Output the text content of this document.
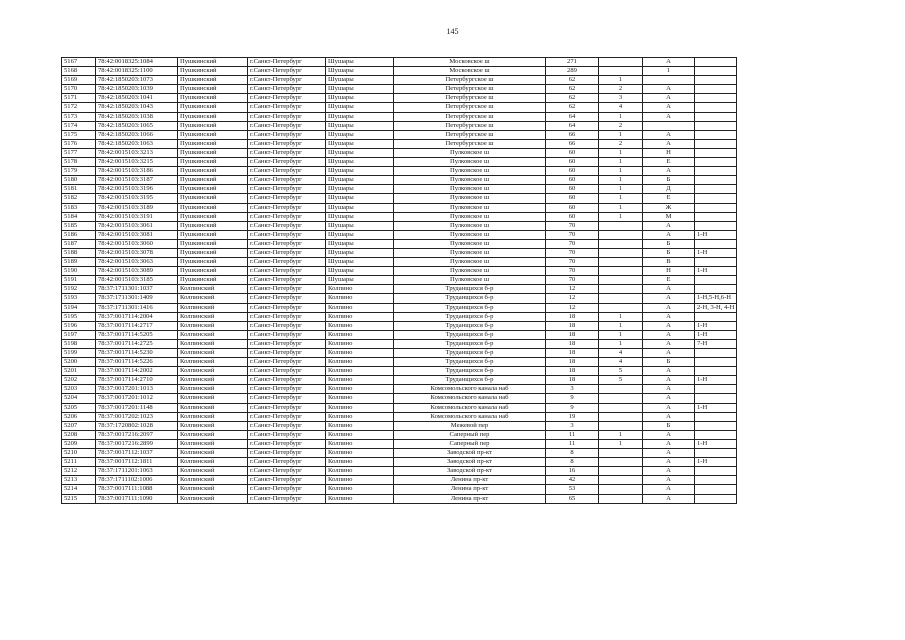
145
5167	78:42:0018325:1084	Пушкинский	г.Санкт-Петербург	Шушары	Московское ш	271		А	
5168	78:42:0018325:1100	Пушкинский	г.Санкт-Петербург	Шушары	Московское ш	289		1	
5169	78:42:1850203:1073	Пушкинский	г.Санкт-Петербург	Шушары	Петербургское ш	62	1		
5170	78:42:1850203:1039	Пушкинский	г.Санкт-Петербург	Шушары	Петербургское ш	62	2	А	
5171	78:42:1850203:1041	Пушкинский	г.Санкт-Петербург	Шушары	Петербургское ш	62	3	А	
5172	78:42:1850203:1043	Пушкинский	г.Санкт-Петербург	Шушары	Петербургское ш	62	4	А	
5173	78:42:1850203:1038	Пушкинский	г.Санкт-Петербург	Шушары	Петербургское ш	64	1	А	
5174	78:42:1850203:1065	Пушкинский	г.Санкт-Петербург	Шушары	Петербургское ш	64	2		
5175	78:42:1850203:1066	Пушкинский	г.Санкт-Петербург	Шушары	Петербургское ш	66	1	А	
5176	78:42:1850203:1063	Пушкинский	г.Санкт-Петербург	Шушары	Петербургское ш	66	2	А	
5177	78:42:0015103:3213	Пушкинский	г.Санкт-Петербург	Шушары	Пулковское ш	60	1	Н	
5178	78:42:0015103:3215	Пушкинский	г.Санкт-Петербург	Шушары	Пулковское ш	60	1	Е	
5179	78:42:0015103:3186	Пушкинский	г.Санкт-Петербург	Шушары	Пулковское ш	60	1	А	
5180	78:42:0015103:3187	Пушкинский	г.Санкт-Петербург	Шушары	Пулковское ш	60	1	Б	
5181	78:42:0015103:3196	Пушкинский	г.Санкт-Петербург	Шушары	Пулковское ш	60	1	Д	
5182	78:42:0015103:3195	Пушкинский	г.Санкт-Петербург	Шушары	Пулковское ш	60	1	Е	
5183	78:42:0015103:3189	Пушкинский	г.Санкт-Петербург	Шушары	Пулковское ш	60	1	Ж	
5184	78:42:0015103:3191	Пушкинский	г.Санкт-Петербург	Шушары	Пулковское ш	60	1	М	
5185	78:42:0015103:3061	Пушкинский	г.Санкт-Петербург	Шушары	Пулковское ш	70		А	
5186	78:42:0015103:3081	Пушкинский	г.Санкт-Петербург	Шушары	Пулковское ш	70		А	1-Н
5187	78:42:0015103:3060	Пушкинский	г.Санкт-Петербург	Шушары	Пулковское ш	70		Б	
5188	78:42:0015103:3078	Пушкинский	г.Санкт-Петербург	Шушары	Пулковское ш	70		Б	1-Н
5189	78:42:0015103:3063	Пушкинский	г.Санкт-Петербург	Шушары	Пулковское ш	70		В	
5190	78:42:0015103:3089	Пушкинский	г.Санкт-Петербург	Шушары	Пулковское ш	70		Н	1-Н
5191	78:42:0015103:3185	Пушкинский	г.Санкт-Петербург	Шушары	Пулковское ш	70		Е	
5192	78:37:1711301:1037	Колпинский	г.Санкт-Петербург	Колпино	Труданщихся б-р	12		А	
5193	78:37:1711301:1409	Колпинский	г.Санкт-Петербург	Колпино	Труданщихся б-р	12		А	1-Н,5-Н,6-Н
5194	78:37:1711301:1416	Колпинский	г.Санкт-Петербург	Колпино	Труданщихся б-р	12		А	2-Н, 3-Н, 4-Н
5195	78:37:0017114:2004	Колпинский	г.Санкт-Петербург	Колпино	Труданщихся б-р	18	1	А	
5196	78:37:0017114:2717	Колпинский	г.Санкт-Петербург	Колпино	Труданщихся б-р	18	1	А	1-Н
5197	78:37:0017114:5205	Колпинский	г.Санкт-Петербург	Колпино	Труданщихся б-р	18	1	А	1-Н
5198	78:37:0017114:2725	Колпинский	г.Санкт-Петербург	Колпино	Труданщихся б-р	18	1	А	7-Н
5199	78:37:0017114:5230	Колпинский	г.Санкт-Петербург	Колпино	Труданщихся б-р	18	4	А	
5200	78:37:0017114:5226	Колпинский	г.Санкт-Петербург	Колпино	Труданщихся б-р	18	4	Б	
5201	78:37:0017114:2002	Колпинский	г.Санкт-Петербург	Колпино	Труданщихся б-р	18	5	А	
5202	78:37:0017114:2710	Колпинский	г.Санкт-Петербург	Колпино	Труданщихся б-р	18	5	А	1-Н
5203	78:37:0017201:1013	Колпинский	г.Санкт-Петербург	Колпино	Комсомольского канала наб	3		А	
5204	78:37:0017201:1012	Колпинский	г.Санкт-Петербург	Колпино	Комсомольского канала наб	9		А	
5205	78:37:0017201:1148	Колпинский	г.Санкт-Петербург	Колпино	Комсомольского канала наб	9		А	1-Н
5206	78:37:0017202:1023	Колпинский	г.Санкт-Петербург	Колпино	Комсомольского канала наб	19		А	
5207	78:37:1720802:1028	Колпинский	г.Санкт-Петербург	Колпино	Межевой пер	3		Б	
5208	78:37:0017216:2097	Колпинский	г.Санкт-Петербург	Колпино	Саперный пер	11	1	А	
5209	78:37:0017216:2899	Колпинский	г.Санкт-Петербург	Колпино	Саперный пер	11	1	А	1-Н
5210	78:37:0017112:1037	Колпинский	г.Санкт-Петербург	Колпино	Заводской пр-кт	8		А	
5211	78:37:0017112:1811	Колпинский	г.Санкт-Петербург	Колпино	Заводской пр-кт	8		А	1-Н
5212	78:37:1711201:1063	Колпинский	г.Санкт-Петербург	Колпино	Заводской пр-кт	16		А	
5213	78:37:1711102:1006	Колпинский	г.Санкт-Петербург	Колпино	Ленина пр-кт	42		А	
5214	78:37:0017111:1088	Колпинский	г.Санкт-Петербург	Колпино	Ленина пр-кт	53		А	
5215	78:37:0017111:1090	Колпинский	г.Санкт-Петербург	Колпино	Ленина пр-кт	65		А	
